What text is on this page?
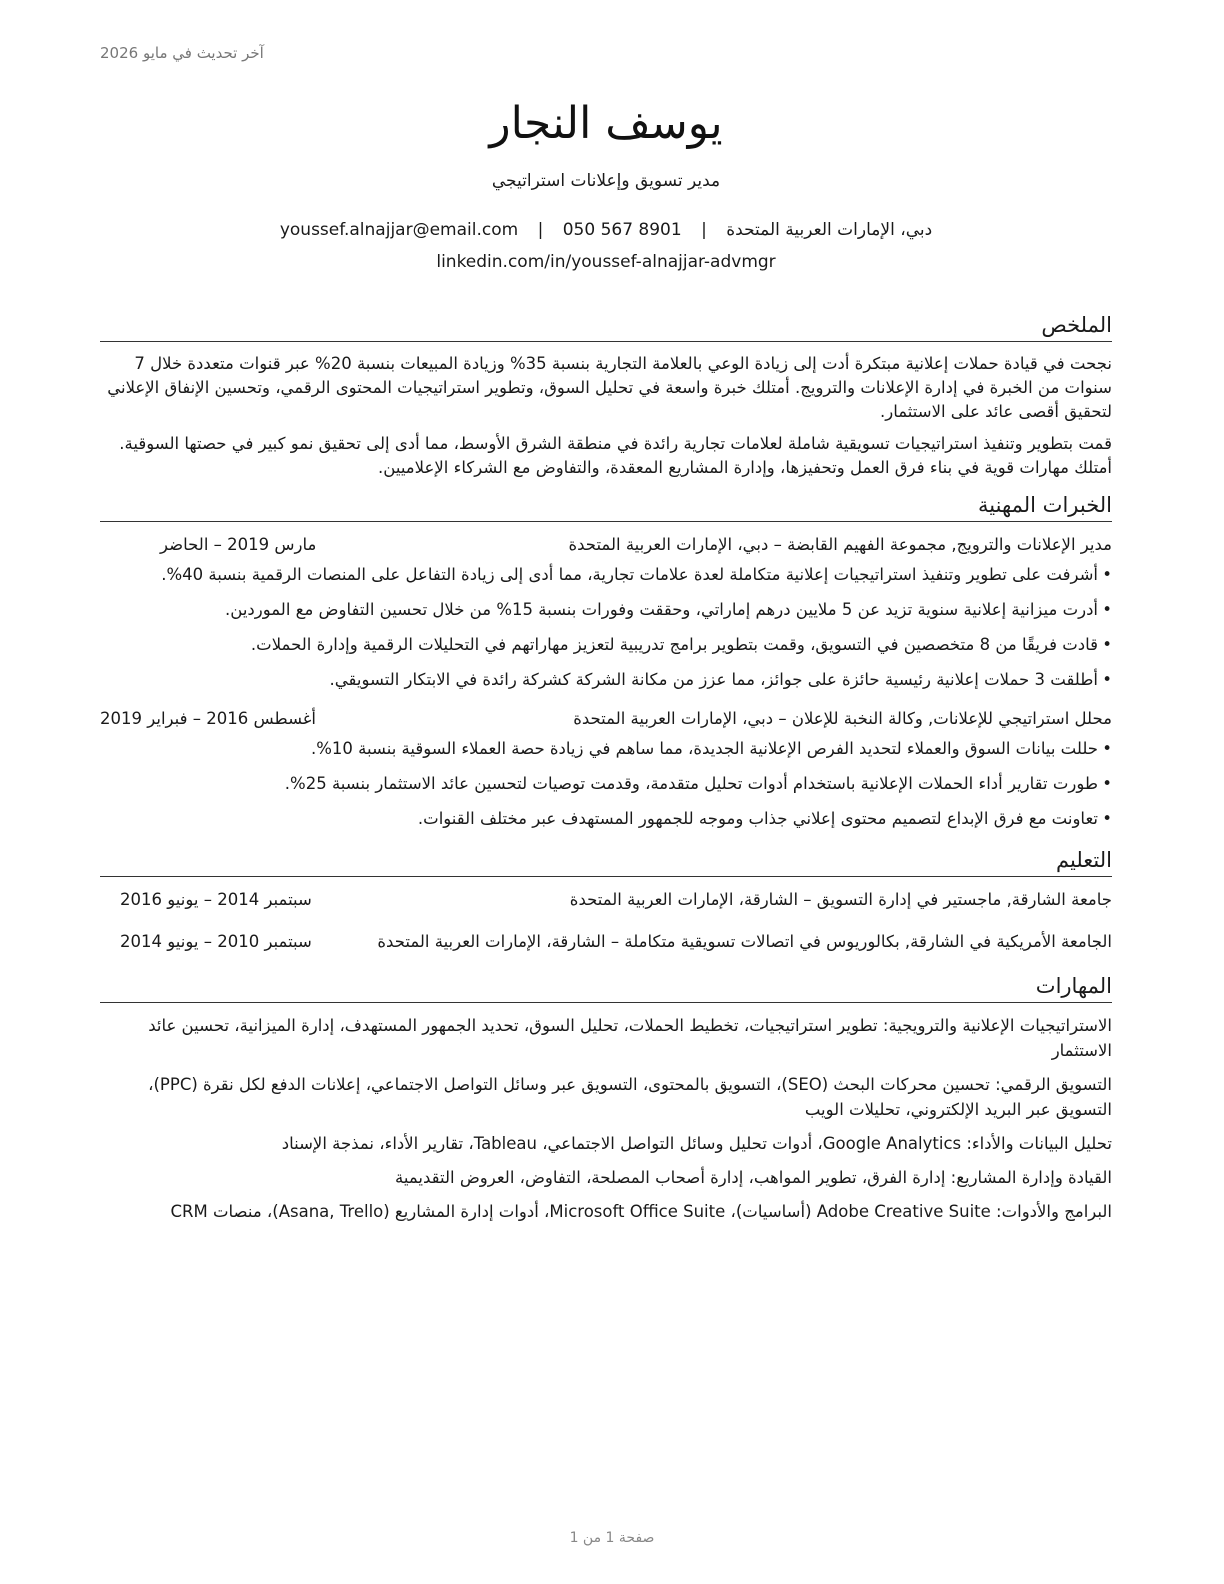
آخر تحديث في مايو 2026
يوسف النجار
مدير تسويق وإعلانات استراتيجي
دبي، الإمارات العربية المتحدة | youssef.alnajjar@email.com | 050 567 8901
linkedin.com/in/youssef-alnajjar-advmgr
الملخص

نجحت في قيادة حملات إعلانية مبتكرة أدت إلى زيادة الوعي بالعلامة التجارية بنسبة 35% وزيادة المبيعات بنسبة 20% عبر قنوات متعددة خلال 7 سنوات من الخبرة في إدارة الإعلانات والترويج. أمتلك خبرة واسعة في تحليل السوق، وتطوير استراتيجيات المحتوى الرقمي، وتحسين الإنفاق الإعلاني لتحقيق أقصى عائد على الاستثمار.

قمت بتطوير وتنفيذ استراتيجيات تسويقية شاملة لعلامات تجارية رائدة في منطقة الشرق الأوسط، مما أدى إلى تحقيق نمو كبير في حصتها السوقية. أمتلك مهارات قوية في بناء فرق العمل وتحفيزها، وإدارة المشاريع المعقدة، والتفاوض مع الشركاء الإعلاميين.

الخبرات المهنية
مدير الإعلانات والترويج, مجموعة الفهيم القابضة – دبي، الإمارات العربية المتحدة
مارس 2019 – الحاضر
• أشرفت على تطوير وتنفيذ استراتيجيات إعلانية متكاملة لعدة علامات تجارية، مما أدى إلى زيادة التفاعل على المنصات الرقمية بنسبة 40%.
• أدرت ميزانية إعلانية سنوية تزيد عن 5 ملايين درهم إماراتي، وحققت وفورات بنسبة 15% من خلال تحسين التفاوض مع الموردين.
• قادت فريقًا من 8 متخصصين في التسويق، وقمت بتطوير برامج تدريبية لتعزيز مهاراتهم في التحليلات الرقمية وإدارة الحملات.
• أطلقت 3 حملات إعلانية رئيسية حائزة على جوائز، مما عزز من مكانة الشركة كشركة رائدة في الابتكار التسويقي.
محلل استراتيجي للإعلانات, وكالة النخبة للإعلان – دبي، الإمارات العربية المتحدة
أغسطس 2016 – فبراير 2019
• حللت بيانات السوق والعملاء لتحديد الفرص الإعلانية الجديدة، مما ساهم في زيادة حصة العملاء السوقية بنسبة 10%.
• طورت تقارير أداء الحملات الإعلانية باستخدام أدوات تحليل متقدمة، وقدمت توصيات لتحسين عائد الاستثمار بنسبة 25%.
• تعاونت مع فرق الإبداع لتصميم محتوى إعلاني جذاب وموجه للجمهور المستهدف عبر مختلف القنوات.
التعليم
جامعة الشارقة, ماجستير في إدارة التسويق – الشارقة، الإمارات العربية المتحدة
سبتمبر 2014 – يونيو 2016
الجامعة الأمريكية في الشارقة, بكالوريوس في اتصالات تسويقية متكاملة – الشارقة، الإمارات العربية المتحدة
سبتمبر 2010 – يونيو 2014
المهارات
الاستراتيجيات الإعلانية والترويجية: تطوير استراتيجيات، تخطيط الحملات، تحليل السوق، تحديد الجمهور المستهدف، إدارة الميزانية، تحسين عائد الاستثمار
التسويق الرقمي: تحسين محركات البحث (SEO)، التسويق بالمحتوى، التسويق عبر وسائل التواصل الاجتماعي، إعلانات الدفع لكل نقرة (PPC)، التسويق عبر البريد الإلكتروني، تحليلات الويب
تحليل البيانات والأداء: Google Analytics، أدوات تحليل وسائل التواصل الاجتماعي، Tableau، تقارير الأداء، نمذجة الإسناد
القيادة وإدارة المشاريع: إدارة الفرق، تطوير المواهب، إدارة أصحاب المصلحة، التفاوض، العروض التقديمية
البرامج والأدوات: Adobe Creative Suite (أساسيات)، Microsoft Office Suite، أدوات إدارة المشاريع (Asana, Trello)، منصات CRM
صفحة 1 من 1
